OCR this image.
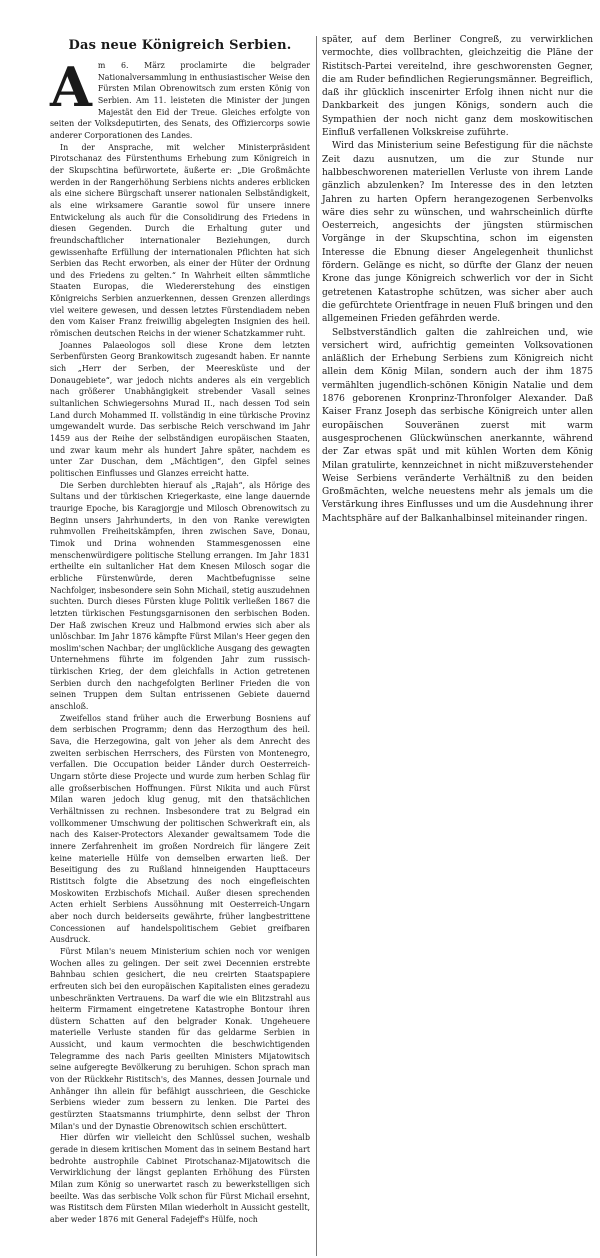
Das neue Königreich Serbien.

Am 6. März proclamirte die belgrader Nationalversammlung in enthusiastischer Weise den Fürsten Milan Obrenowitsch zum ersten König von Serbien. Am 11. leisteten die Minister der jungen Majestät den Eid der Treue. Gleiches erfolgte von seiten der Volksdeputirten, des Senats, des Offiziercorps sowie anderer Corporationen des Landes.

In der Ansprache, mit welcher Ministerpräsident Pirotschanaz des Fürstenthums Erhebung zum Königreich in der Skupschtina befürwortete, äußerte er: „Die Großmächte werden in der Rangerhöhung Serbiens nichts anderes erblicken als eine sichere Bürgschaft unserer nationalen Selbständigkeit, als eine wirksamere Garantie sowol für unsere innere Entwickelung als auch für die Consolidirung des Friedens in diesen Gegenden. Durch die Erhaltung guter und freundschaftlicher internationaler Beziehungen, durch gewissenhafte Erfüllung der internationalen Pflichten hat sich Serbien das Recht erworben, als einer der Hüter der Ordnung und des Friedens zu gelten.“ In Wahrheit eilten sämmtliche Staaten Europas, die Wiedererstehung des einstigen Königreichs Serbien anzuerkennen, dessen Grenzen allerdings viel weitere gewesen, und dessen letztes Fürstendiadem neben den vom Kaiser Franz freiwillig abgelegten Insignien des heil. römischen deutschen Reichs in der wiener Schatzkammer ruht.

Joannes Palaeologos soll diese Krone dem letzten Serbenfürsten Georg Brankowitsch zugesandt haben. Er nannte sich „Herr der Serben, der Meeresküste und der Donaugebiete“, war jedoch nichts anderes als ein vergeblich nach größerer Unabhängigkeit strebender Vasall seines sultanlichen Schwiegersohns Murad II., nach dessen Tod sein Land durch Mohammed II. vollständig in eine türkische Provinz umgewandelt wurde. Das serbische Reich verschwand im Jahr 1459 aus der Reihe der selbständigen europäischen Staaten, und zwar kaum mehr als hundert Jahre später, nachdem es unter Zar Duschan, dem „Mächtigen“, den Gipfel seines politischen Einflusses und Glanzes erreicht hatte.

Die Serben durchlebten hierauf als „Rajah“, als Hörige des Sultans und der türkischen Kriegerkaste, eine lange dauernde traurige Epoche, bis Karagjorgje und Milosch Obrenowitsch zu Beginn unsers Jahrhunderts, in den von Ranke verewigten ruhmvollen Freiheitskämpfen, ihren zwischen Save, Donau, Timok und Drina wohnenden Stammesgenossen eine menschenwürdigere politische Stellung errangen. Im Jahr 1831 ertheilte ein sultanlicher Hat dem Knesen Milosch sogar die erbliche Fürstenwürde, deren Machtbefugnisse seine Nachfolger, insbesondere sein Sohn Michail, stetig auszudehnen suchten. Durch dieses Fürsten kluge Politik verließen 1867 die letzten türkischen Festungsgarnisonen den serbischen Boden. Der Haß zwischen Kreuz und Halbmond erwies sich aber als unlöschbar. Im Jahr 1876 kämpfte Fürst Milan's Heer gegen den moslim'schen Nachbar; der unglückliche Ausgang des gewagten Unternehmens führte im folgenden Jahr zum russisch-türkischen Krieg, der dem gleichfalls in Action getretenen Serbien durch den nachgefolgten Berliner Frieden die von seinen Truppen dem Sultan entrissenen Gebiete dauernd anschloß.

Zweifellos stand früher auch die Erwerbung Bosniens auf dem serbischen Programm; denn das Herzogthum des heil. Sava, die Herzegowina, galt von jeher als dem Anrecht des zweiten serbischen Herrschers, des Fürsten von Montenegro, verfallen. Die Occupation beider Länder durch Oesterreich-Ungarn störte diese Projecte und wurde zum herben Schlag für alle großserbischen Hoffnungen. Fürst Nikita und auch Fürst Milan waren jedoch klug genug, mit den thatsächlichen Verhältnissen zu rechnen. Insbesondere trat zu Belgrad ein vollkommener Umschwung der politischen Schwerkraft ein, als nach des Kaiser-Protectors Alexander gewaltsamem Tode die innere Zerfahrenheit im großen Nordreich für längere Zeit keine materielle Hülfe von demselben erwarten ließ. Der Beseitigung des zu Rußland hinneigenden Haupttaceurs Ristitsch folgte die Absetzung des noch eingefleischten Moskowiten Erzbischofs Michail. Außer diesen sprechenden Acten erhielt Serbiens Aussöhnung mit Oesterreich-Ungarn aber noch durch beiderseits gewährte, früher langbestrittene Concessionen auf handelspolitischem Gebiet greifbaren Ausdruck.

Fürst Milan's neuem Ministerium schien noch vor wenigen Wochen alles zu gelingen. Der seit zwei Decennien erstrebte Bahnbau schien gesichert, die neu creirten Staatspapiere erfreuten sich bei den europäischen Kapitalisten eines geradezu unbeschränkten Vertrauens. Da warf die wie ein Blitzstrahl aus heiterm Firmament eingetretene Katastrophe Bontour ihren düstern Schatten auf den belgrader Konak. Ungeheuere materielle Verluste standen für das geldarme Serbien in Aussicht, und kaum vermochten die beschwichtigenden Telegramme des nach Paris geeilten Ministers Mijatowitsch seine aufgeregte Bevölkerung zu beruhigen. Schon sprach man von der Rückkehr Ristitsch's, des Mannes, dessen Journale und Anhänger ihn allein für befähigt ausschrieen, die Geschicke Serbiens wieder zum bessern zu lenken. Die Partei des gestürzten Staatsmanns triumphirte, denn selbst der Thron Milan's und der Dynastie Obrenowitsch schien erschüttert.

Hier dürfen wir vielleicht den Schlüssel suchen, weshalb gerade in diesem kritischen Moment das in seinem Bestand hart bedrohte austrophile Cabinet Pirotschanaz-Mijatowitsch die Verwirklichung der längst geplanten Erhöhung des Fürsten Milan zum König so unerwartet rasch zu bewerkstelligen sich beeilte. Was das serbische Volk schon für Fürst Michail ersehnt, was Ristitsch dem Fürsten Milan wiederholt in Aussicht gestellt, aber weder 1876 mit General Fadejeff's Hülfe, noch

später, auf dem Berliner Congreß, zu verwirklichen vermochte, dies vollbrachten, gleichzeitig die Pläne der Ristitsch-Partei vereitelnd, ihre geschworensten Gegner, die am Ruder befindlichen Regierungsmänner. Begreiflich, daß ihr glücklich inscenirter Erfolg ihnen nicht nur die Dankbarkeit des jungen Königs, sondern auch die Sympathien der noch nicht ganz dem moskowitischen Einfluß verfallenen Volkskreise zuführte.

Wird das Ministerium seine Befestigung für die nächste Zeit dazu ausnutzen, um die zur Stunde nur halbbeschworenen materiellen Verluste von ihrem Lande gänzlich abzulenken? Im Interesse des in den letzten Jahren zu harten Opfern herangezogenen Serbenvolks wäre dies sehr zu wünschen, und wahrscheinlich dürfte Oesterreich, angesichts der jüngsten stürmischen Vorgänge in der Skupschtina, schon im eigensten Interesse die Ebnung dieser Angelegenheit thunlichst fördern. Gelänge es nicht, so dürfte der Glanz der neuen Krone das junge Königreich schwerlich vor der in Sicht getretenen Katastrophe schützen, was sicher aber auch die gefürchtete Orientfrage in neuen Fluß bringen und den allgemeinen Frieden gefährden werde.

Selbstverständlich galten die zahlreichen und, wie versichert wird, aufrichtig gemeinten Volksovationen anläßlich der Erhebung Serbiens zum Königreich nicht allein dem König Milan, sondern auch der ihm 1875 vermählten jugendlich-schönen Königin Natalie und dem 1876 geborenen Kronprinz-Thronfolger Alexander. Daß Kaiser Franz Joseph das serbische Königreich unter allen europäischen Souveränen zuerst mit warm ausgesprochenen Glückwünschen anerkannte, während der Zar etwas spät und mit kühlen Worten dem König Milan gratulirte, kennzeichnet in nicht mißzuverstehender Weise Serbiens veränderte Verhältniß zu den beiden Großmächten, welche neuestens mehr als jemals um die Verstärkung ihres Einflusses und um die Ausdehnung ihrer Machtsphäre auf der Balkanhalbinsel miteinander ringen.
